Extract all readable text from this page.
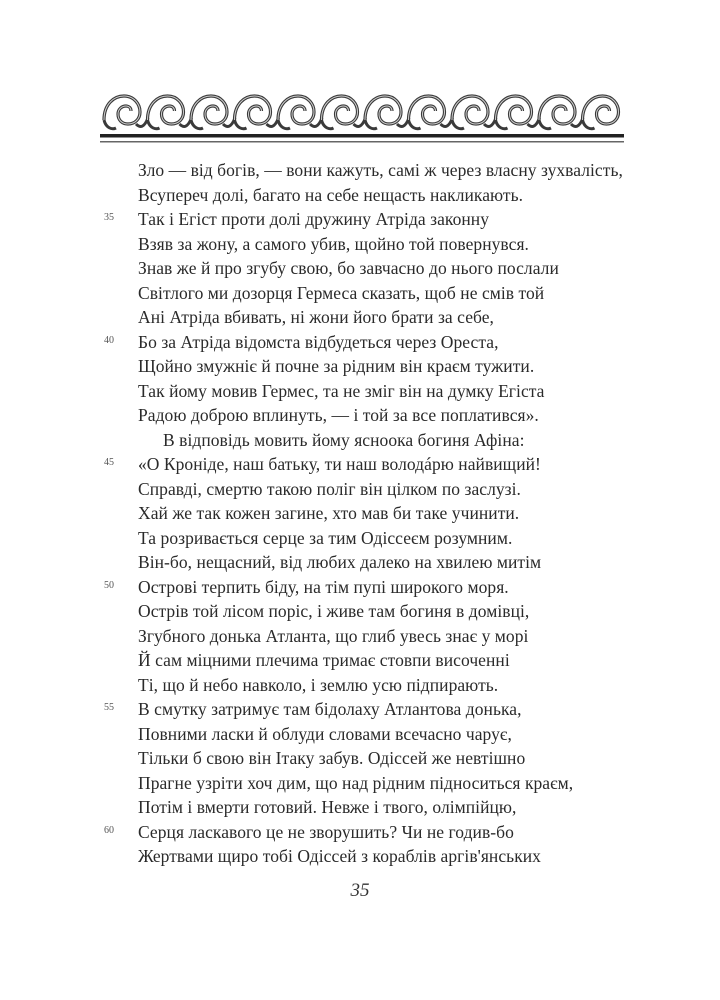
Зло — від богів, — вони кажуть, самі ж через власну зухвалість,
Всупереч долі, багато на себе нещасть накликають.
35 Так і Егіст проти долі дружину Атріда законну
Взяв за жону, а самого убив, щойно той повернувся.
Знав же й про згубу свою, бо завчасно до нього послали
Світлого ми дозорця Гермеса сказать, щоб не смів той
Ані Атріда вбивать, ні жони його брати за себе,
40 Бо за Атріда відомста відбудеться через Ореста,
Щойно змужніє й почне за рідним він краєм тужити.
Так йому мовив Гермес, та не зміг він на думку Егіста
Радою доброю вплинуть, — і той за все поплатився».
В відповідь мовить йому ясноока богиня Афіна:
45 «О Кроніде, наш батьку, ти наш володáрю найвищий!
Справді, смертю такою поліг він цілком по заслузі.
Хай же так кожен загине, хто мав би таке учинити.
Та розривається серце за тим Одіссеєм розумним.
Він-бо, нещасний, від любих далеко на хвилею митім
50 Острові терпить біду, на тім пупі широкого моря.
Острів той лісом поріс, і живе там богиня в домівці,
Згубного донька Атланта, що глиб увесь знає у морі
Й сам міцними плечима тримає стовпи височенні
Ті, що й небо навколо, і землю усю підпирають.
55 В смутку затримує там бідолаху Атлантова донька,
Повними ласки й облуди словами всечасно чарує,
Тільки б свою він Ітаку забув. Одіссей же невтішно
Прагне узріти хоч дим, що над рідним підноситься краєм,
Потім і вмерти готовий. Невже і твого, олімпійцю,
60 Серця ласкавого це не зворушить? Чи не годив-бо
Жертвами щиро тобі Одіссей з кораблів аргів'янських
35
